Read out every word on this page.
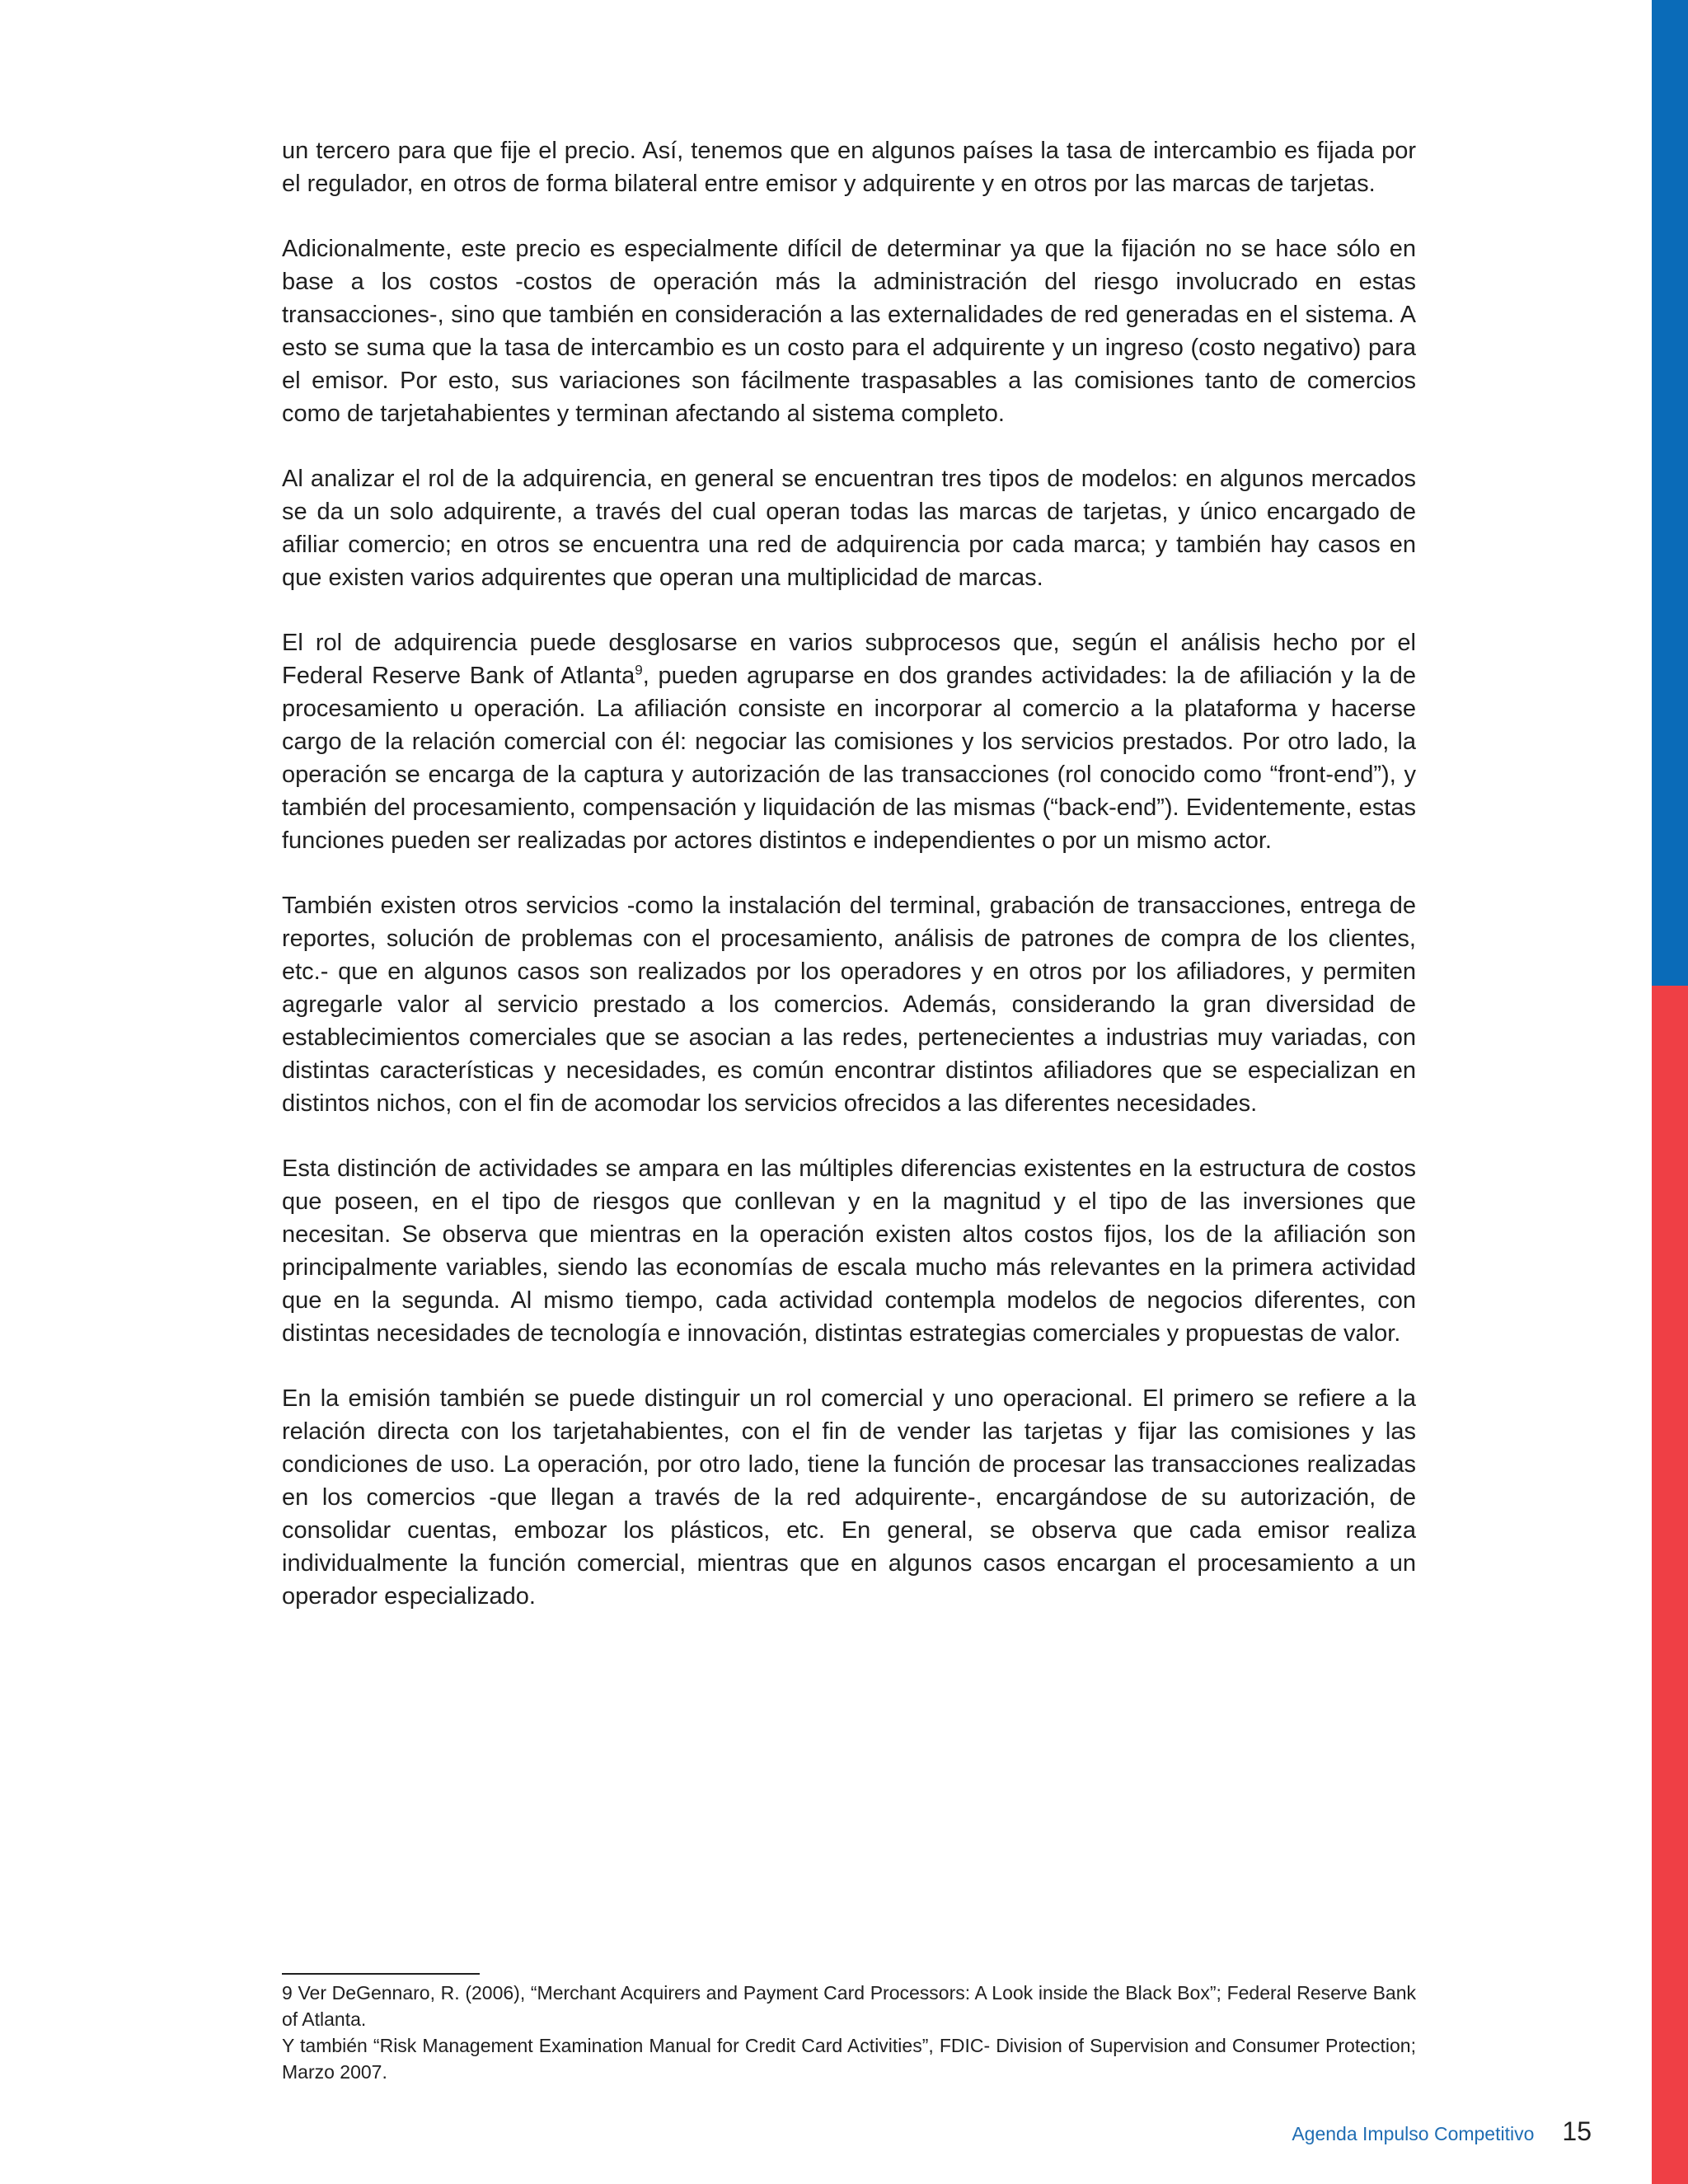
un tercero para que fije el precio. Así, tenemos que en algunos países la tasa de intercambio es fijada por el regulador, en otros de forma bilateral entre emisor y adquirente y en otros por las marcas de tarjetas.

Adicionalmente, este precio es especialmente difícil de determinar ya que la fijación no se hace sólo en base a los costos -costos de operación más la administración del riesgo involucrado en estas transacciones-, sino que también en consideración a las externalidades de red generadas en el sistema. A esto se suma que la tasa de intercambio es un costo para el adquirente y un ingreso (costo negativo) para el emisor. Por esto, sus variaciones son fácilmente traspasables a las comisiones tanto de comercios como de tarjetahabientes y terminan afectando al sistema completo.

Al analizar el rol de la adquirencia, en general se encuentran tres tipos de modelos: en algunos mercados se da un solo adquirente, a través del cual operan todas las marcas de tarjetas, y único encargado de afiliar comercio; en otros se encuentra una red de adquirencia por cada marca; y también hay casos en que existen varios adquirentes que operan una multiplicidad de marcas.

El rol de adquirencia puede desglosarse en varios subprocesos que, según el análisis hecho por el Federal Reserve Bank of Atlanta$^9$, pueden agruparse en dos grandes actividades: la de afiliación y la de procesamiento u operación. La afiliación consiste en incorporar al comercio a la plataforma y hacerse cargo de la relación comercial con él: negociar las comisiones y los servicios prestados. Por otro lado, la operación se encarga de la captura y autorización de las transacciones (rol conocido como “front-end”), y también del procesamiento, compensación y liquidación de las mismas (“back-end”). Evidentemente, estas funciones pueden ser realizadas por actores distintos e independientes o por un mismo actor.

También existen otros servicios -como la instalación del terminal, grabación de transacciones, entrega de reportes, solución de problemas con el procesamiento, análisis de patrones de compra de los clientes, etc.- que en algunos casos son realizados por los operadores y en otros por los afiliadores, y permiten agregarle valor al servicio prestado a los comercios. Además, considerando la gran diversidad de establecimientos comerciales que se asocian a las redes, pertenecientes a industrias muy variadas, con distintas características y necesidades, es común encontrar distintos afiliadores que se especializan en distintos nichos, con el fin de acomodar los servicios ofrecidos a las diferentes necesidades.

Esta distinción de actividades se ampara en las múltiples diferencias existentes en la estructura de costos que poseen, en el tipo de riesgos que conllevan y en la magnitud y el tipo de las inversiones que necesitan. Se observa que mientras en la operación existen altos costos fijos, los de la afiliación son principalmente variables, siendo las economías de escala mucho más relevantes en la primera actividad que en la segunda. Al mismo tiempo, cada actividad contempla modelos de negocios diferentes, con distintas necesidades de tecnología e innovación, distintas estrategias comerciales y propuestas de valor.

En la emisión también se puede distinguir un rol comercial y uno operacional. El primero se refiere a la relación directa con los tarjetahabientes, con el fin de vender las tarjetas y fijar las comisiones y las condiciones de uso. La operación, por otro lado, tiene la función de procesar las transacciones realizadas en los comercios -que llegan a través de la red adquirente-, encargándose de su autorización, de consolidar cuentas, embozar los plásticos, etc. En general, se observa que cada emisor realiza individualmente la función comercial, mientras que en algunos casos encargan el procesamiento a un operador especializado.

9 Ver DeGennaro, R. (2006), “Merchant Acquirers and Payment Card Processors: A Look inside the Black Box”; Federal Reserve Bank of Atlanta.

Y también “Risk Management Examination Manual for Credit Card Activities”, FDIC- Division of Supervision and Consumer Protection; Marzo 2007.

Agenda Impulso Competitivo 15
